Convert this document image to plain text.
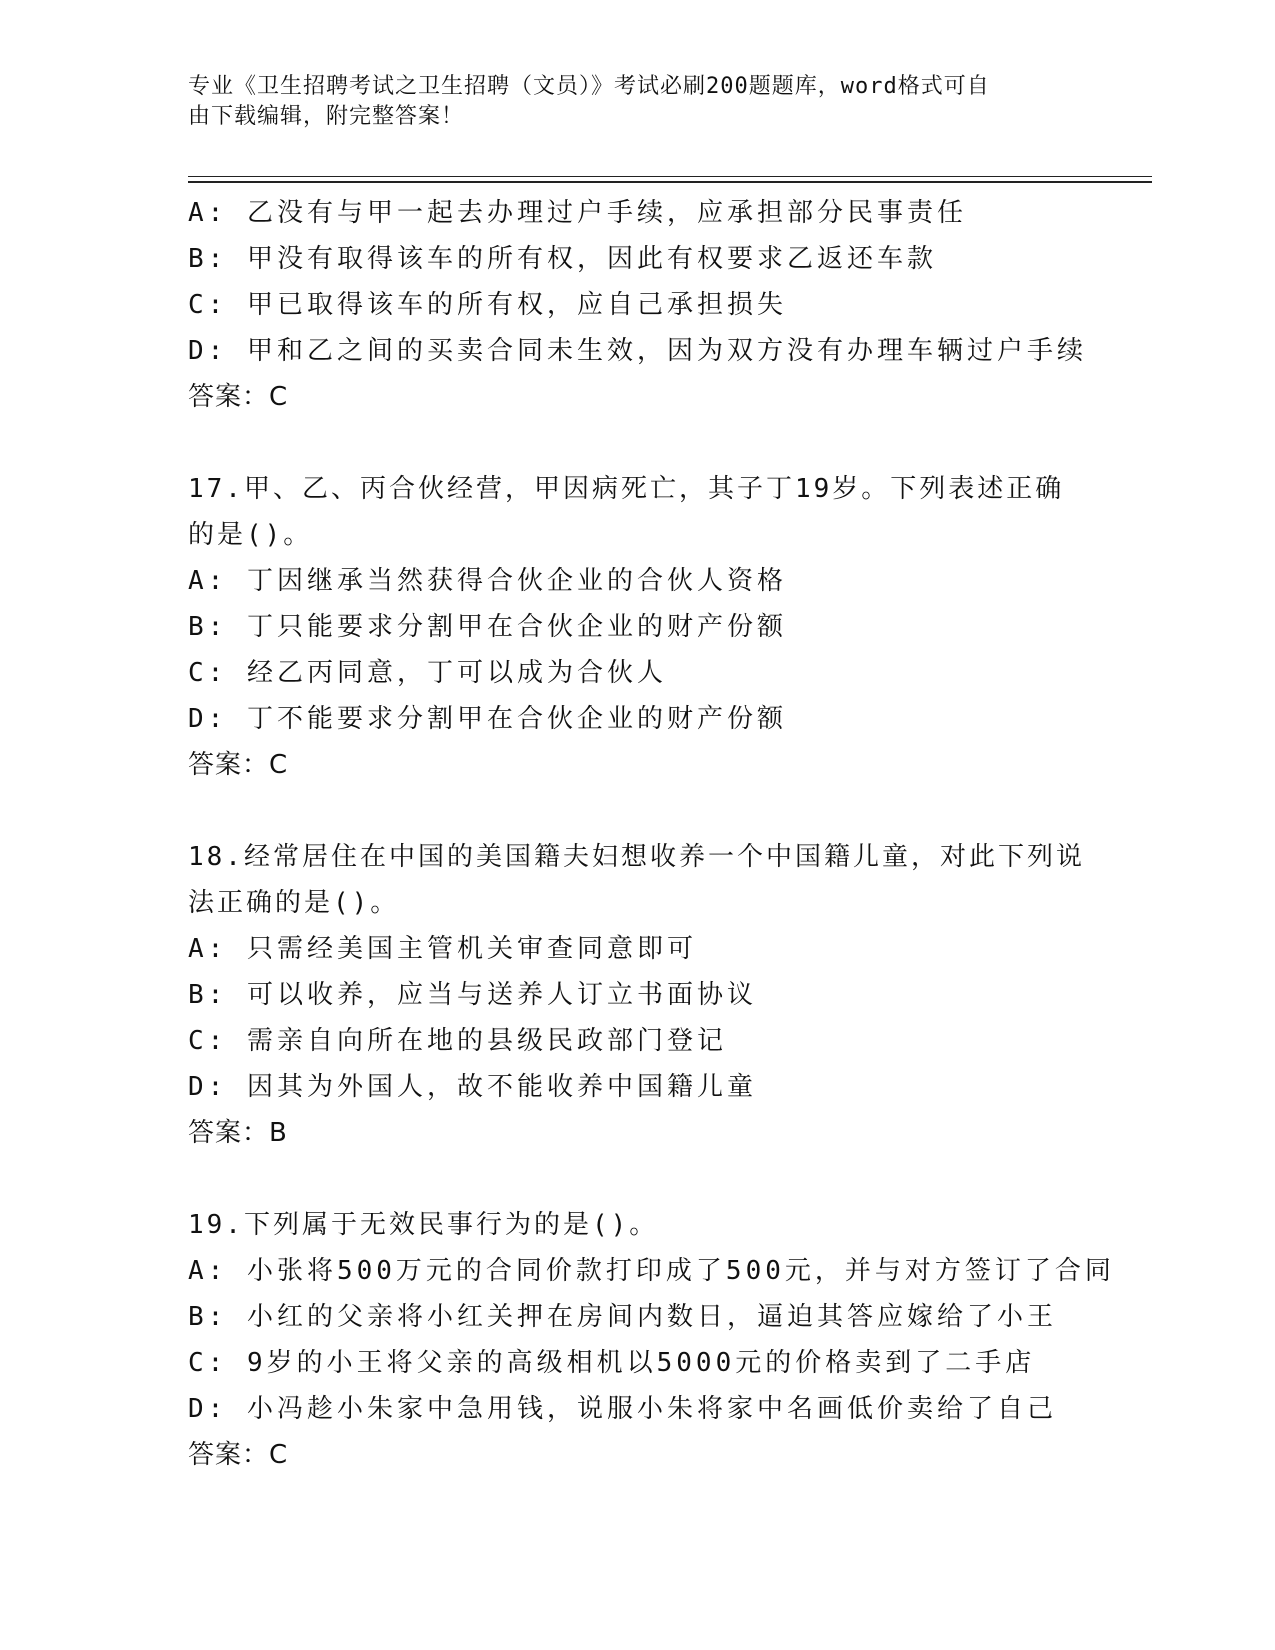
专业《卫生招聘考试之卫生招聘（文员）》考试必刷200题题库，word格式可自
由下载编辑，附完整答案！
A: 乙没有与甲一起去办理过户手续，应承担部分民事责任
B: 甲没有取得该车的所有权，因此有权要求乙返还车款
C: 甲已取得该车的所有权，应自己承担损失
D: 甲和乙之间的买卖合同未生效，因为双方没有办理车辆过户手续
答案：C
17.甲、乙、丙合伙经营，甲因病死亡，其子丁19岁。下列表述正确
的是()。
A: 丁因继承当然获得合伙企业的合伙人资格
B: 丁只能要求分割甲在合伙企业的财产份额
C: 经乙丙同意，丁可以成为合伙人
D: 丁不能要求分割甲在合伙企业的财产份额
答案：C
18.经常居住在中国的美国籍夫妇想收养一个中国籍儿童，对此下列说
法正确的是()。
A: 只需经美国主管机关审查同意即可
B: 可以收养，应当与送养人订立书面协议
C: 需亲自向所在地的县级民政部门登记
D: 因其为外国人，故不能收养中国籍儿童
答案：B
19.下列属于无效民事行为的是()。
A: 小张将500万元的合同价款打印成了500元，并与对方签订了合同
B: 小红的父亲将小红关押在房间内数日，逼迫其答应嫁给了小王
C: 9岁的小王将父亲的高级相机以5000元的价格卖到了二手店
D: 小冯趁小朱家中急用钱，说服小朱将家中名画低价卖给了自己
答案：C
